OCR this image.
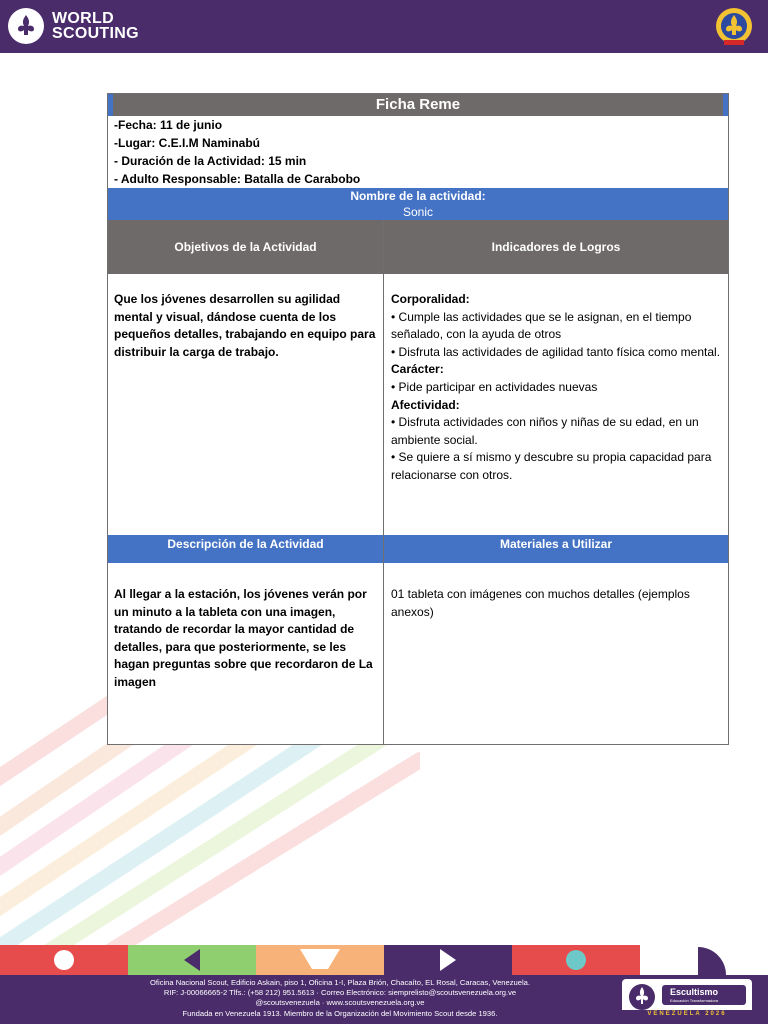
WORLD
SCOUTING
Ficha Reme
-Fecha: 11 de junio
-Lugar: C.E.I.M Naminabú
- Duración de la Actividad: 15 min
- Adulto Responsable: Batalla de Carabobo
Nombre de la actividad:
Sonic
Objetivos de la Actividad	Indicadores de Logros
Que los jóvenes desarrollen su agilidad mental y visual, dándose cuenta de los pequeños detalles, trabajando en equipo para distribuir la carga de trabajo.
Corporalidad:
• Cumple las actividades que se le asignan, en el tiempo señalado, con la ayuda de otros
• Disfruta las actividades de agilidad tanto física como mental.
Carácter:
• Pide participar en actividades nuevas
Afectividad:
• Disfruta actividades con niños y niñas de su edad, en un ambiente social.
• Se quiere a sí mismo y descubre su propia capacidad para relacionarse con otros.
Descripción de la Actividad	Materiales a Utilizar
Al llegar a la estación, los jóvenes verán por un minuto a la tableta con una imagen, tratando de recordar la mayor cantidad de detalles, para que posteriormente, se les hagan preguntas sobre que recordaron de La imagen
01 tableta con imágenes con muchos detalles (ejemplos anexos)
Oficina Nacional Scout, Edificio Askain, piso 1, Oficina 1-I, Plaza Brión, Chacaíto, EL Rosal, Caracas, Venezuela.
RIF: J-00066665-2 Tlfs.: (+58 212) 951.5613 · Correo Electrónico: siemprelisto@scoutsvenezuela.org.ve
@scoutsvenezuela · www.scoutsvenezuela.org.ve
Fundada en Venezuela 1913. Miembro de la Organización del Movimiento Scout desde 1936.
Escultismo
Educación Transformadora
VENEZUELA 2026
